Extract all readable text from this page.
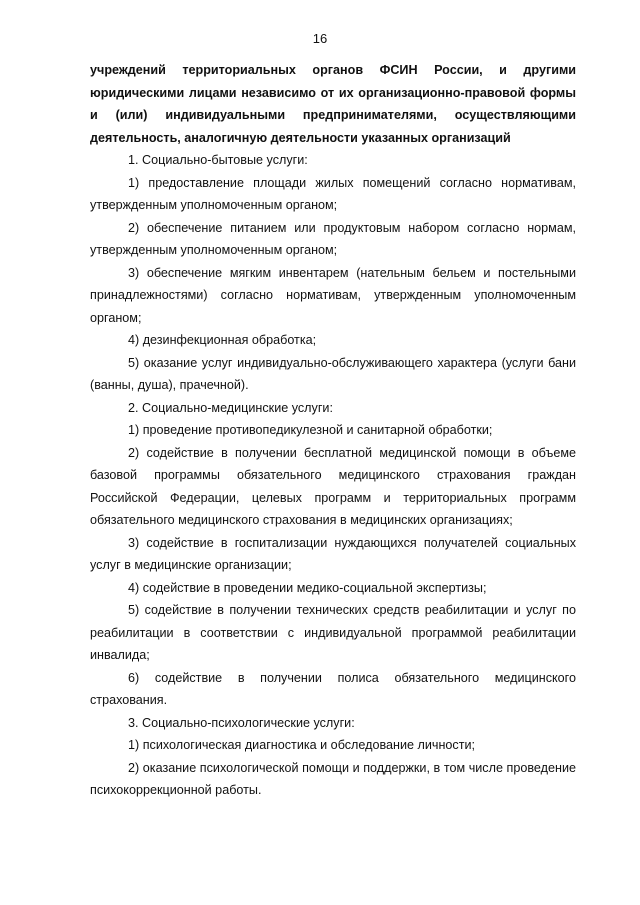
16

учреждений территориальных органов ФСИН России, и другими юридическими лицами независимо от их организационно-правовой формы и (или) индивидуальными предпринимателями, осуществляющими деятельность, аналогичную деятельности указанных организаций

1. Социально-бытовые услуги:

1) предоставление площади жилых помещений согласно нормативам, утвержденным уполномоченным органом;

2) обеспечение питанием или продуктовым набором согласно нормам, утвержденным уполномоченным органом;

3) обеспечение мягким инвентарем (нательным бельем и постельными принадлежностями) согласно нормативам, утвержденным уполномоченным органом;

4) дезинфекционная обработка;

5) оказание услуг индивидуально-обслуживающего характера (услуги бани (ванны, душа), прачечной).

2. Социально-медицинские услуги:

1) проведение противопедикулезной и санитарной обработки;

2) содействие в получении бесплатной медицинской помощи в объеме базовой программы обязательного медицинского страхования граждан Российской Федерации, целевых программ и территориальных программ обязательного медицинского страхования в медицинских организациях;

3) содействие в госпитализации нуждающихся получателей социальных услуг в медицинские организации;

4) содействие в проведении медико-социальной экспертизы;

5) содействие в получении технических средств реабилитации и услуг по реабилитации в соответствии с индивидуальной программой реабилитации инвалида;

6) содействие в получении полиса обязательного медицинского страхования.

3. Социально-психологические услуги:

1) психологическая диагностика и обследование личности;

2) оказание психологической помощи и поддержки, в том числе проведение психокоррекционной работы.
